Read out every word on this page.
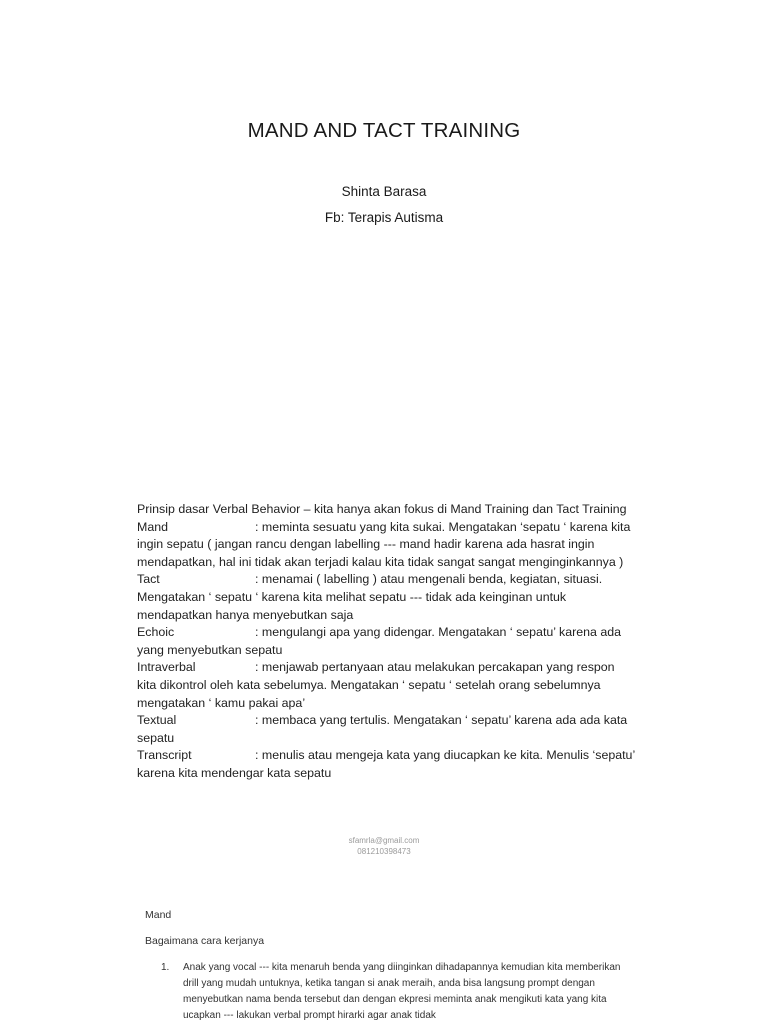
MAND AND TACT TRAINING
Shinta Barasa
Fb: Terapis Autisma

Prinsip dasar Verbal Behavior – kita hanya akan fokus di Mand Training dan Tact Training

Mand	: meminta sesuatu yang kita sukai. Mengatakan ‘sepatu ‘ karena kita ingin sepatu ( jangan rancu dengan labelling --- mand hadir karena ada hasrat ingin mendapatkan, hal ini tidak akan terjadi kalau kita tidak sangat sangat menginginkannya )

Tact	: menamai ( labelling ) atau mengenali benda, kegiatan, situasi. Mengatakan ‘ sepatu ‘ karena kita melihat sepatu --- tidak ada keinginan untuk mendapatkan hanya menyebutkan saja

Echoic	: mengulangi apa yang didengar. Mengatakan ‘ sepatu’ karena ada yang menyebutkan sepatu

Intraverbal	: menjawab pertanyaan atau melakukan percakapan yang respon kita dikontrol oleh kata sebelumya. Mengatakan ‘ sepatu ‘ setelah orang sebelumnya mengatakan ‘ kamu pakai apa’

Textual	: membaca yang tertulis. Mengatakan ‘ sepatu’ karena ada ada kata sepatu

Transcript	: menulis atau mengeja kata yang diucapkan ke kita. Menulis ‘sepatu’ karena kita mendengar kata sepatu

sfamrla@gmail.com
081210398473
Mand
Bagaimana cara kerjanya
1. Anak yang vocal --- kita menaruh benda yang diinginkan dihadapannya kemudian kita memberikan drill yang mudah untuknya, ketika tangan si anak meraih, anda bisa langsung prompt dengan menyebutkan nama benda tersebut dan dengan ekpresi meminta anak mengikuti kata yang kita ucapkan --- lakukan verbal prompt hirarki agar anak tidak
